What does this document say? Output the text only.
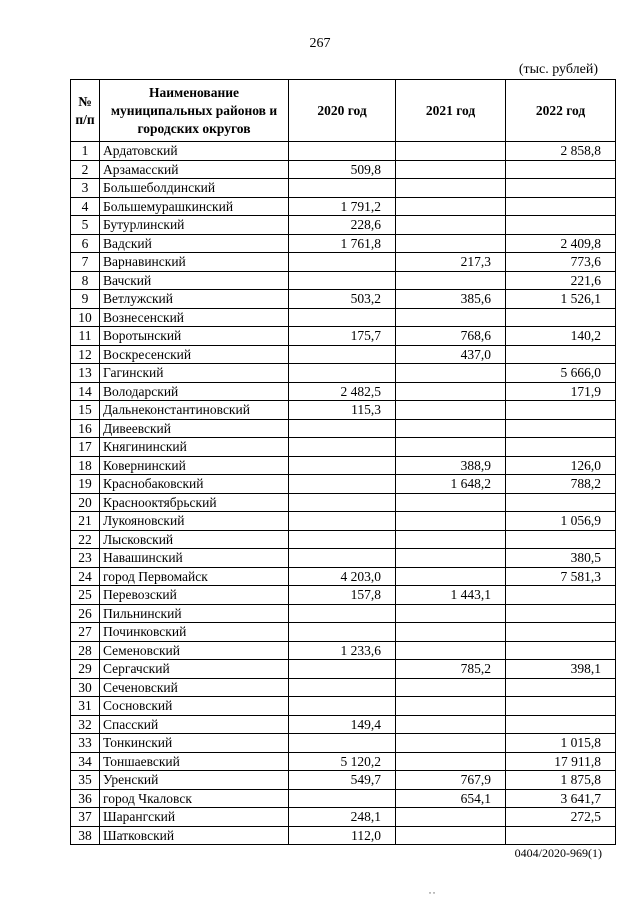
267
(тыс. рублей)
№ п/п	Наименование муниципальных районов и городских округов	2020 год	2021 год	2022 год
1	Ардатовский			2 858,8
2	Арзамасский	509,8		
3	Большеболдинский			
4	Большемурашкинский	1 791,2		
5	Бутурлинский	228,6		
6	Вадский	1 761,8		2 409,8
7	Варнавинский		217,3	773,6
8	Вачский			221,6
9	Ветлужский	503,2	385,6	1 526,1
10	Вознесенский			
11	Воротынский	175,7	768,6	140,2
12	Воскресенский		437,0	
13	Гагинский			5 666,0
14	Володарский	2 482,5		171,9
15	Дальнеконстантиновский	115,3		
16	Дивеевский			
17	Княгининский			
18	Ковернинский		388,9	126,0
19	Краснобаковский		1 648,2	788,2
20	Краснооктябрьский			
21	Лукояновский			1 056,9
22	Лысковский			
23	Навашинский			380,5
24	город Первомайск	4 203,0		7 581,3
25	Перевозский	157,8	1 443,1	
26	Пильнинский			
27	Починковский			
28	Семеновский	1 233,6		
29	Сергачский		785,2	398,1
30	Сеченовский			
31	Сосновский			
32	Спасский	149,4		
33	Тонкинский			1 015,8
34	Тоншаевский	5 120,2		17 911,8
35	Уренский	549,7	767,9	1 875,8
36	город Чкаловск		654,1	3 641,7
37	Шарангский	248,1		272,5
38	Шатковский	112,0		
0404/2020-969(1)
˙˙
